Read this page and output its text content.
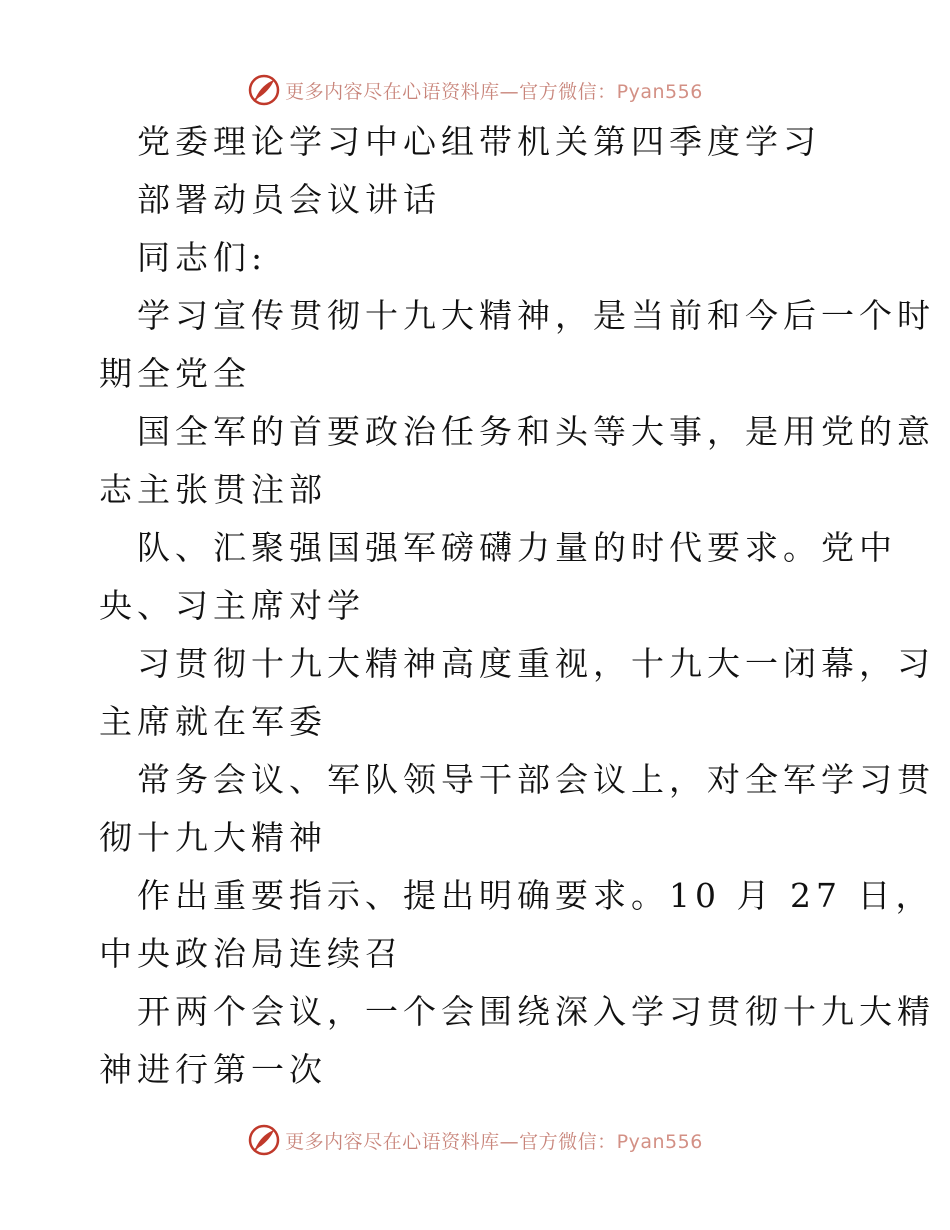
更多内容尽在心语资料库—官方微信：Pyan556
党委理论学习中心组带机关第四季度学习
部署动员会议讲话
同志们:
学习宣传贯彻十九大精神，是当前和今后一个时
期全党全
国全军的首要政治任务和头等大事，是用党的意
志主张贯注部
队、汇聚强国强军磅礴力量的时代要求。党中
央、习主席对学
习贯彻十九大精神高度重视，十九大一闭幕，习
主席就在军委
常务会议、军队领导干部会议上，对全军学习贯
彻十九大精神
作出重要指示、提出明确要求。10 月 27 日，
中央政治局连续召
开两个会议，一个会围绕深入学习贯彻十九大精
神进行第一次
更多内容尽在心语资料库—官方微信：Pyan556
